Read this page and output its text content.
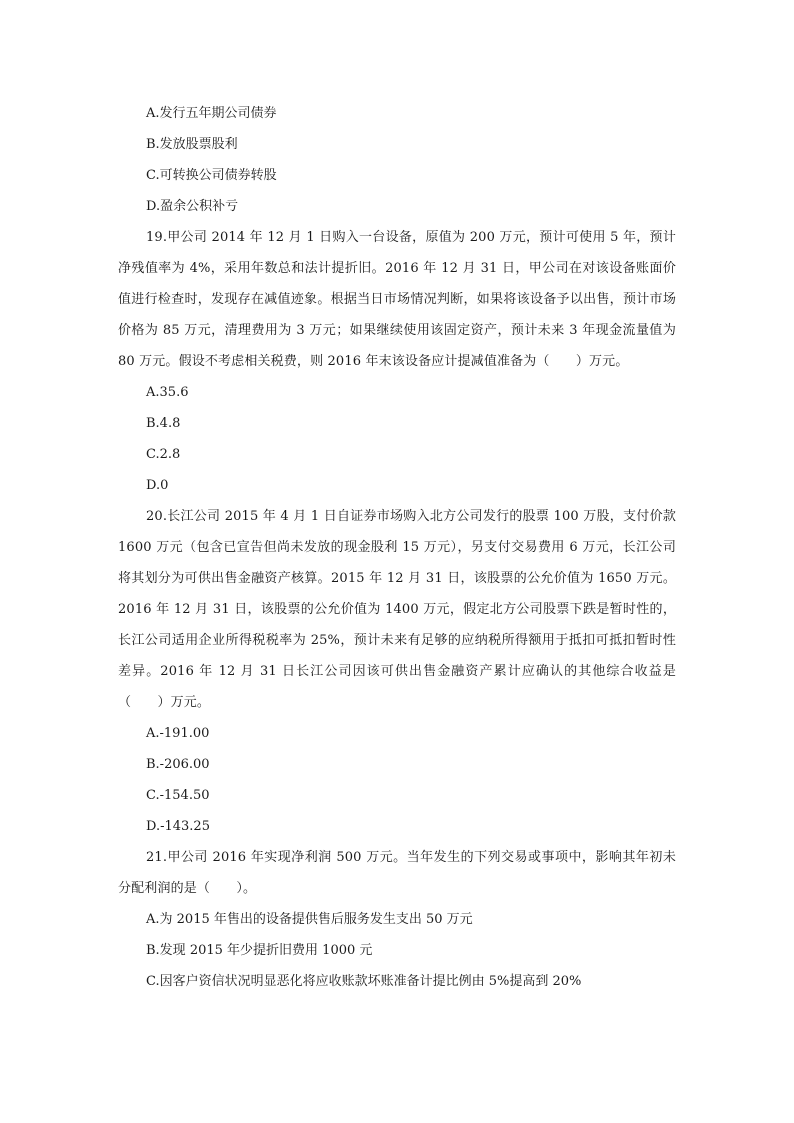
A.发行五年期公司债券
B.发放股票股利
C.可转换公司债券转股
D.盈余公积补亏
19.甲公司 2014 年 12 月 1 日购入一台设备，原值为 200 万元，预计可使用 5 年，预计净残值率为 4%，采用年数总和法计提折旧。2016 年 12 月 31 日，甲公司在对该设备账面价值进行检查时，发现存在减值迹象。根据当日市场情况判断，如果将该设备予以出售，预计市场价格为 85 万元，清理费用为 3 万元；如果继续使用该固定资产，预计未来 3 年现金流量值为 80 万元。假设不考虑相关税费，则 2016 年末该设备应计提减值准备为（　　）万元。
A.35.6
B.4.8
C.2.8
D.0
20.长江公司 2015 年 4 月 1 日自证券市场购入北方公司发行的股票 100 万股，支付价款 1600 万元（包含已宣告但尚未发放的现金股利 15 万元），另支付交易费用 6 万元，长江公司将其划分为可供出售金融资产核算。2015 年 12 月 31 日，该股票的公允价值为 1650 万元。2016 年 12 月 31 日，该股票的公允价值为 1400 万元，假定北方公司股票下跌是暂时性的，长江公司适用企业所得税税率为 25%，预计未来有足够的应纳税所得额用于抵扣可抵扣暂时性差异。2016 年 12 月 31 日长江公司因该可供出售金融资产累计应确认的其他综合收益是（　　）万元。
A.-191.00
B.-206.00
C.-154.50
D.-143.25
21.甲公司 2016 年实现净利润 500 万元。当年发生的下列交易或事项中，影响其年初未分配利润的是（　　）。
A.为 2015 年售出的设备提供售后服务发生支出 50 万元
B.发现 2015 年少提折旧费用 1000 元
C.因客户资信状况明显恶化将应收账款坏账准备计提比例由 5%提高到 20%
